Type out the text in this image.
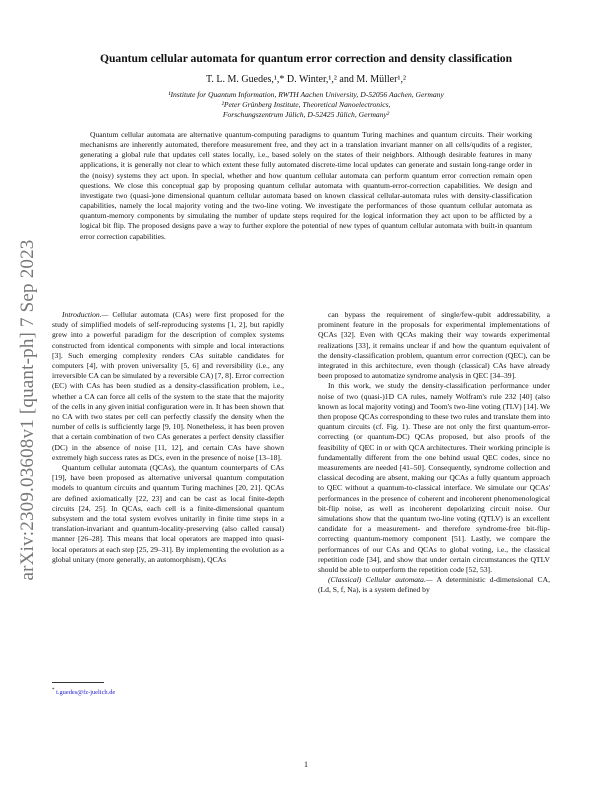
arXiv:2309.03608v1 [quant-ph] 7 Sep 2023
Quantum cellular automata for quantum error correction and density classification
T. L. M. Guedes,¹,* D. Winter,¹,² and M. Müller¹,²
¹Institute for Quantum Information, RWTH Aachen University, D-52056 Aachen, Germany
²Peter Grünberg Institute, Theoretical Nanoelectronics,
Forschungszentrum Jülich, D-52425 Jülich, Germany²

Quantum cellular automata are alternative quantum-computing paradigms to quantum Turing machines and quantum circuits. Their working mechanisms are inherently automated, therefore measurement free, and they act in a translation invariant manner on all cells/qudits of a register, generating a global rule that updates cell states locally, i.e., based solely on the states of their neighbors. Although desirable features in many applications, it is generally not clear to which extent these fully automated discrete-time local updates can generate and sustain long-range order in the (noisy) systems they act upon. In special, whether and how quantum cellular automata can perform quantum error correction remain open questions. We close this conceptual gap by proposing quantum cellular automata with quantum-error-correction capabilities. We design and investigate two (quasi-)one dimensional quantum cellular automata based on known classical cellular-automata rules with density-classification capabilities, namely the local majority voting and the two-line voting. We investigate the performances of those quantum cellular automata as quantum-memory components by simulating the number of update steps required for the logical information they act upon to be afflicted by a logical bit flip. The proposed designs pave a way to further explore the potential of new types of quantum cellular automata with built-in quantum error correction capabilities.

Introduction.— Cellular automata (CAs) were first proposed for the study of simplified models of self-reproducing systems [1, 2], but rapidly grew into a powerful paradigm for the description of complex systems constructed from identical components with simple and local interactions [3]. Such emerging complexity renders CAs suitable candidates for computers [4], with proven universality [5, 6] and reversibility (i.e., any irreversible CA can be simulated by a reversible CA) [7, 8]. Error correction (EC) with CAs has been studied as a density-classification problem, i.e., whether a CA can force all cells of the system to the state that the majority of the cells in any given initial configuration were in. It has been shown that no CA with two states per cell can perfectly classify the density when the number of cells is sufficiently large [9, 10]. Nonetheless, it has been proven that a certain combination of two CAs generates a perfect density classifier (DC) in the absence of noise [11, 12], and certain CAs have shown extremely high success rates as DCs, even in the presence of noise [13–18].

Quantum cellular automata (QCAs), the quantum counterparts of CAs [19], have been proposed as alternative universal quantum computation models to quantum circuits and quantum Turing machines [20, 21]. QCAs are defined axiomatically [22, 23] and can be cast as local finite-depth circuits [24, 25]. In QCAs, each cell is a finite-dimensional quantum subsystem and the total system evolves unitarily in finite time steps in a translation-invariant and quantum-locality-preserving (also called causal) manner [26–28]. This means that local operators are mapped into quasi-local operators at each step [25, 29–31]. By implementing the evolution as a global unitary (more generally, an automorphism), QCAs

can bypass the requirement of single/few-qubit addressability, a prominent feature in the proposals for experimental implementations of QCAs [32]. Even with QCAs making their way towards experimental realizations [33], it remains unclear if and how the quantum equivalent of the density-classification problem, quantum error correction (QEC), can be integrated in this architecture, even though (classical) CAs have already been proposed to automatize syndrome analysis in QEC [34–39].

In this work, we study the density-classification performance under noise of two (quasi-)1D CA rules, namely Wolfram's rule 232 [40] (also known as local majority voting) and Toom's two-line voting (TLV) [14]. We then propose QCAs corresponding to these two rules and translate them into quantum circuits (cf. Fig. 1). These are not only the first quantum-error-correcting (or quantum-DC) QCAs proposed, but also proofs of the feasibility of QEC in or with QCA architectures. Their working principle is fundamentally different from the one behind usual QEC codes, since no measurements are needed [41–50]. Consequently, syndrome collection and classical decoding are absent, making our QCAs a fully quantum approach to QEC without a quantum-to-classical interface. We simulate our QCAs' performances in the presence of coherent and incoherent phenomenological bit-flip noise, as well as incoherent depolarizing circuit noise. Our simulations show that the quantum two-line voting (QTLV) is an excellent candidate for a measurement- and therefore syndrome-free bit-flip-correcting quantum-memory component [51]. Lastly, we compare the performances of our CAs and QCAs to global voting, i.e., the classical repetition code [34], and show that under certain circumstances the QTLV should be able to outperform the repetition code [52, 53].

(Classical) Cellular automata.— A deterministic d-dimensional CA, (Ld, S, f, Na), is a system defined by

* t.guedes@fz-juelich.de
1
